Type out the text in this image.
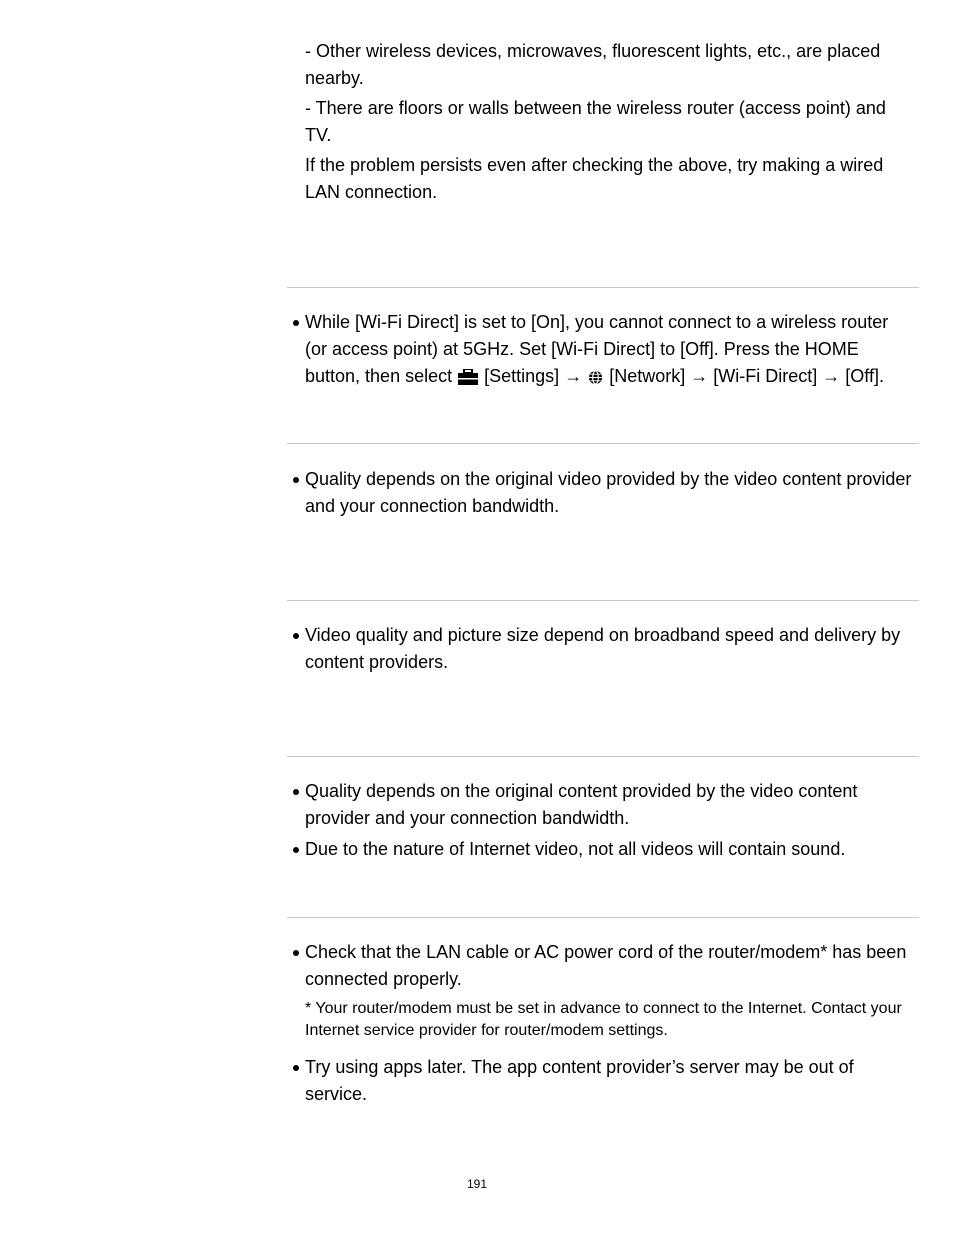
- Other wireless devices, microwaves, fluorescent lights, etc., are placed nearby.

- There are floors or walls between the wireless router (access point) and TV.

If the problem persists even after checking the above, try making a wired LAN connection.

While [Wi-Fi Direct] is set to [On], you cannot connect to a wireless router (or access point) at 5GHz. Set [Wi-Fi Direct] to [Off]. Press the HOME button, then select [Settings] → [Network] → [Wi-Fi Direct] → [Off].

Quality depends on the original video provided by the video content provider and your connection bandwidth.

Video quality and picture size depend on broadband speed and delivery by content providers.

Quality depends on the original content provided by the video content provider and your connection bandwidth.

Due to the nature of Internet video, not all videos will contain sound.

Check that the LAN cable or AC power cord of the router/modem* has been connected properly.

* Your router/modem must be set in advance to connect to the Internet. Contact your Internet service provider for router/modem settings.

Try using apps later. The app content provider’s server may be out of service.

191
